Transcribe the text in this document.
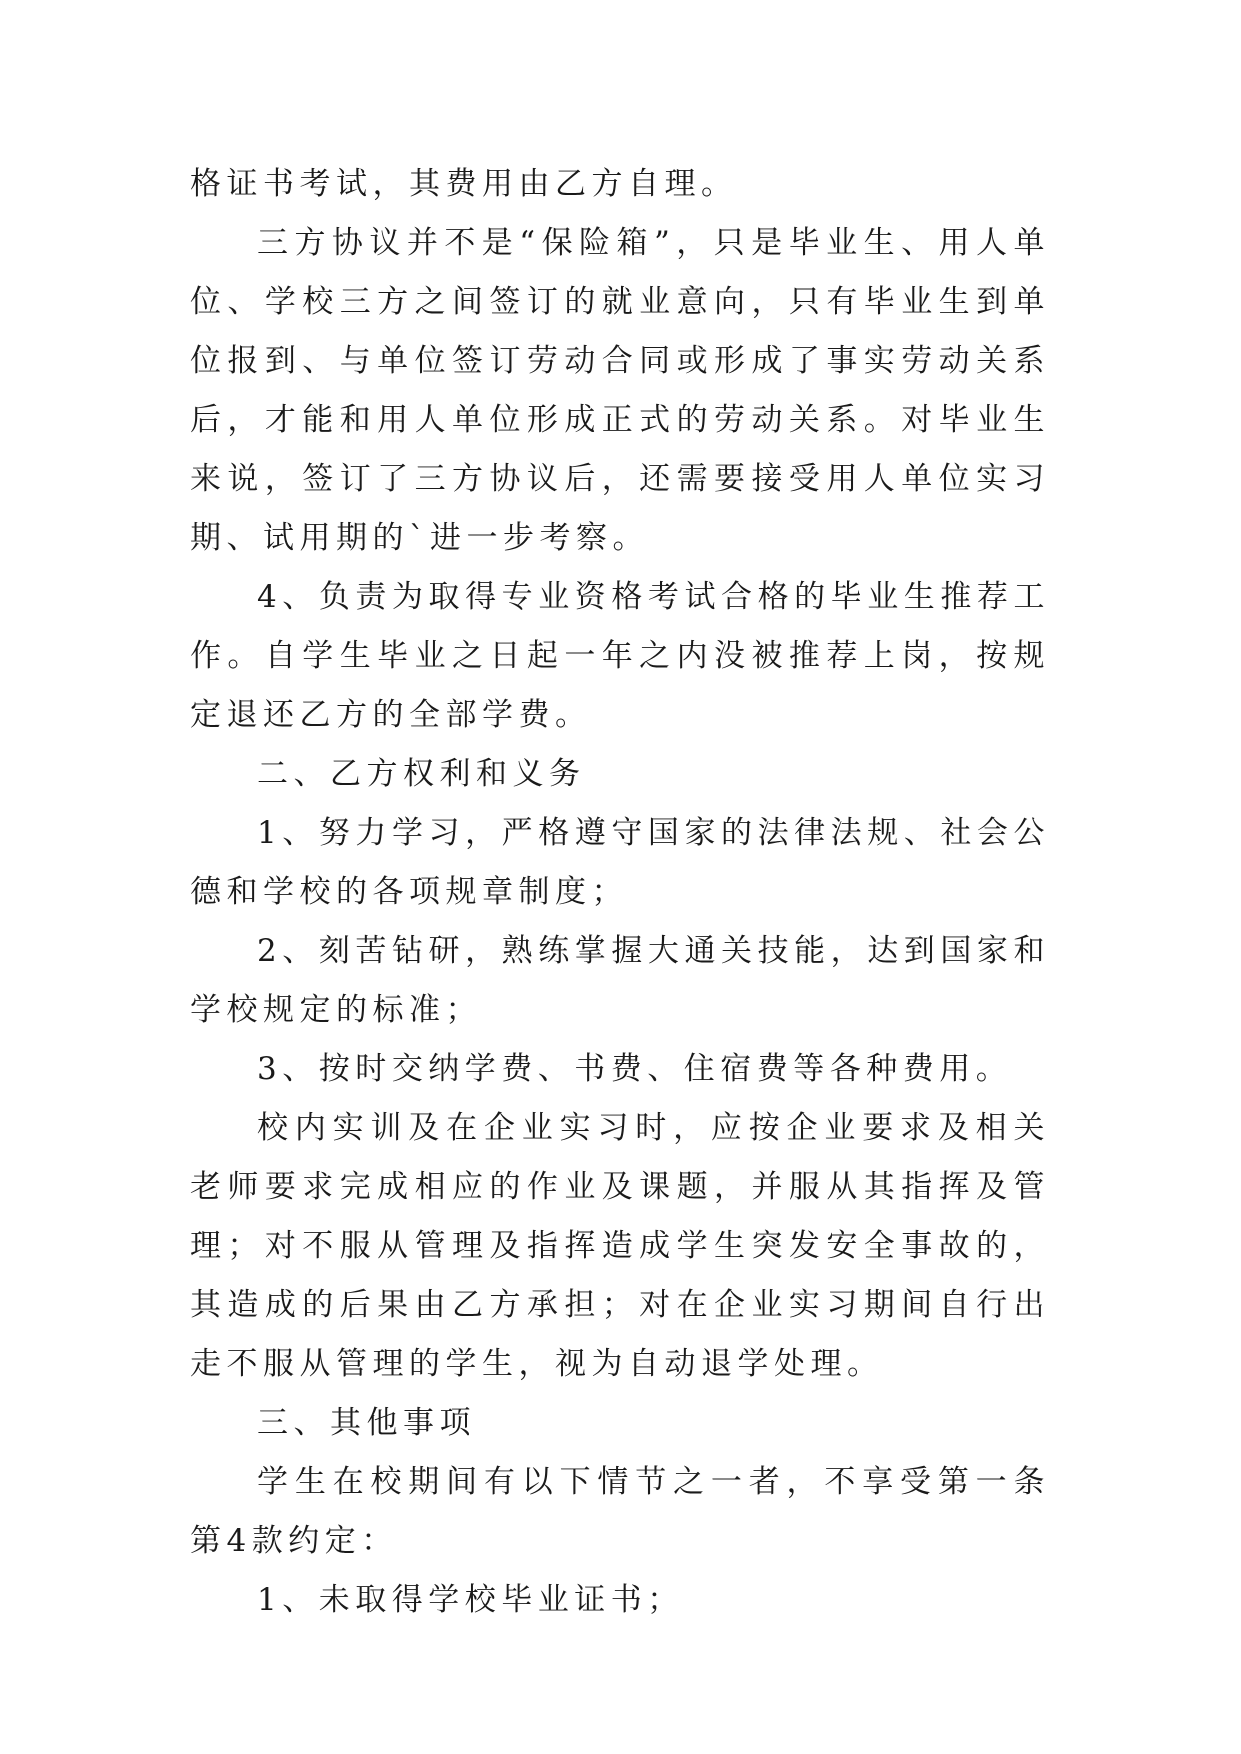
格证书考试，其费用由乙方自理。

三方协议并不是“保险箱”，只是毕业生、用人单位、学校三方之间签订的就业意向，只有毕业生到单位报到、与单位签订劳动合同或形成了事实劳动关系后，才能和用人单位形成正式的劳动关系。对毕业生来说，签订了三方协议后，还需要接受用人单位实习期、试用期的`进一步考察。

4、负责为取得专业资格考试合格的毕业生推荐工作。自学生毕业之日起一年之内没被推荐上岗，按规定退还乙方的全部学费。

二、乙方权利和义务

1、努力学习，严格遵守国家的法律法规、社会公德和学校的各项规章制度；

2、刻苦钻研，熟练掌握大通关技能，达到国家和学校规定的标准；

3、按时交纳学费、书费、住宿费等各种费用。

校内实训及在企业实习时，应按企业要求及相关老师要求完成相应的作业及课题，并服从其指挥及管理；对不服从管理及指挥造成学生突发安全事故的，其造成的后果由乙方承担；对在企业实习期间自行出走不服从管理的学生，视为自动退学处理。

三、其他事项

学生在校期间有以下情节之一者，不享受第一条第4款约定：

1、未取得学校毕业证书；
